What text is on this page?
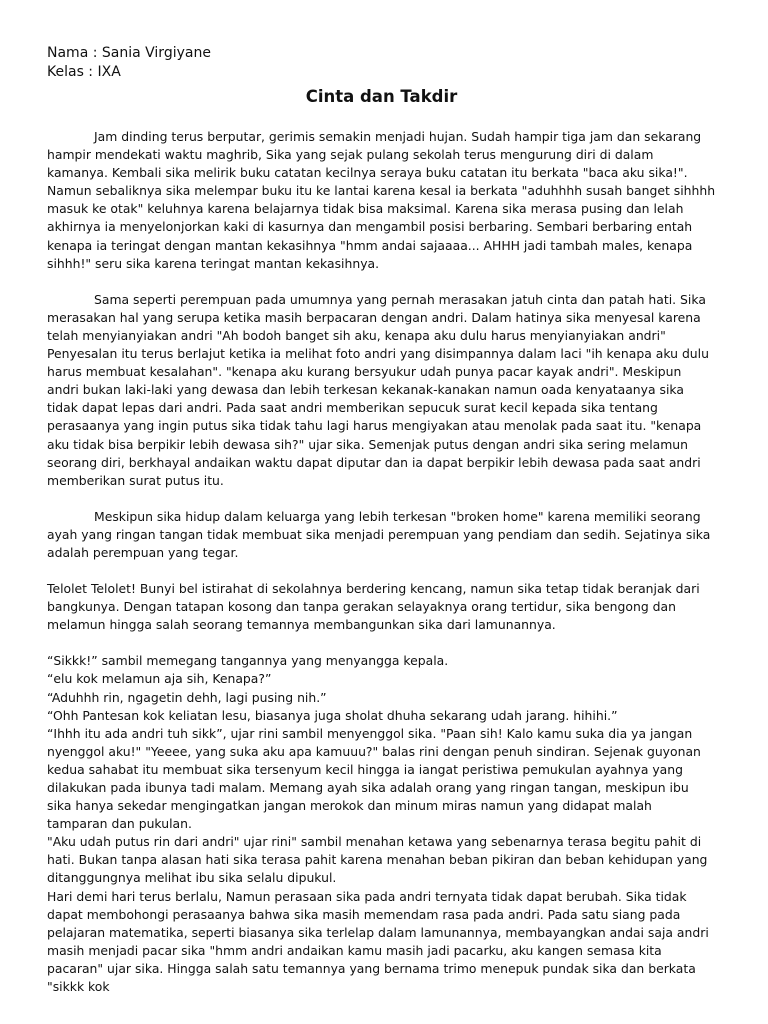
Nama : Sania Virgiyane
Kelas : IXA
Cinta dan Takdir

Jam dinding terus berputar, gerimis semakin menjadi hujan. Sudah hampir tiga jam dan sekarang hampir mendekati waktu maghrib, Sika yang sejak pulang sekolah terus mengurung diri di dalam kamanya. Kembali sika melirik buku catatan kecilnya seraya buku catatan itu berkata "baca aku sika!". Namun sebaliknya sika melempar buku itu ke lantai karena kesal ia berkata "aduhhhh susah banget sihhhh masuk ke otak" keluhnya karena belajarnya tidak bisa maksimal. Karena sika merasa pusing dan lelah akhirnya ia menyelonjorkan kaki di kasurnya dan mengambil posisi berbaring. Sembari berbaring entah kenapa ia teringat dengan mantan kekasihnya "hmm andai sajaaaa... AHHH jadi tambah males, kenapa sihhh!" seru sika karena teringat mantan kekasihnya.

Sama seperti perempuan pada umumnya yang pernah merasakan jatuh cinta dan patah hati. Sika merasakan hal yang serupa ketika masih berpacaran dengan andri. Dalam hatinya sika menyesal karena telah menyianyiakan andri "Ah bodoh banget sih aku, kenapa aku dulu harus menyianyiakan andri" Penyesalan itu terus berlajut ketika ia melihat foto andri yang disimpannya dalam laci "ih kenapa aku dulu harus membuat kesalahan". "kenapa aku kurang bersyukur udah punya pacar kayak andri". Meskipun andri bukan laki-laki yang dewasa dan lebih terkesan kekanak-kanakan namun oada kenyataanya sika tidak dapat lepas dari andri. Pada saat andri memberikan sepucuk surat kecil kepada sika tentang perasaanya yang ingin putus sika tidak tahu lagi harus mengiyakan atau menolak pada saat itu. "kenapa aku tidak bisa berpikir lebih dewasa sih?" ujar sika. Semenjak putus dengan andri sika sering melamun seorang diri, berkhayal andaikan waktu dapat diputar dan ia dapat berpikir lebih dewasa pada saat andri memberikan surat putus itu.

Meskipun sika hidup dalam keluarga yang lebih terkesan "broken home" karena memiliki seorang ayah yang ringan tangan tidak membuat sika menjadi perempuan yang pendiam dan sedih. Sejatinya sika adalah perempuan yang tegar.

Telolet Telolet! Bunyi bel istirahat di sekolahnya berdering kencang, namun sika tetap tidak beranjak dari bangkunya. Dengan tatapan kosong dan tanpa gerakan selayaknya orang tertidur, sika bengong dan melamun hingga salah seorang temannya membangunkan sika dari lamunannya.

“Sikkk!” sambil memegang tangannya yang menyangga kepala.

“elu kok melamun aja sih, Kenapa?”

“Aduhhh rin, ngagetin dehh, lagi pusing nih.”

“Ohh Pantesan kok keliatan lesu, biasanya juga sholat dhuha sekarang udah jarang. hihihi.”

“Ihhh itu ada andri tuh sikk”, ujar rini sambil menyenggol sika. "Paan sih! Kalo kamu suka dia ya jangan nyenggol aku!" "Yeeee, yang suka aku apa kamuuu?" balas rini dengan penuh sindiran. Sejenak guyonan kedua sahabat itu membuat sika tersenyum kecil hingga ia iangat peristiwa pemukulan ayahnya yang dilakukan pada ibunya tadi malam. Memang ayah sika adalah orang yang ringan tangan, meskipun ibu sika hanya sekedar mengingatkan jangan merokok dan minum miras namun yang didapat malah tamparan dan pukulan.

"Aku udah putus rin dari andri" ujar rini" sambil menahan ketawa yang sebenarnya terasa begitu pahit di hati. Bukan tanpa alasan hati sika terasa pahit karena menahan beban pikiran dan beban kehidupan yang ditanggungnya melihat ibu sika selalu dipukul.

Hari demi hari terus berlalu, Namun perasaan sika pada andri ternyata tidak dapat berubah. Sika tidak dapat membohongi perasaanya bahwa sika masih memendam rasa pada andri. Pada satu siang pada pelajaran matematika, seperti biasanya sika terlelap dalam lamunannya, membayangkan andai saja andri masih menjadi pacar sika "hmm andri andaikan kamu masih jadi pacarku, aku kangen semasa kita pacaran" ujar sika. Hingga salah satu temannya yang bernama trimo menepuk pundak sika dan berkata "sikkk kok
